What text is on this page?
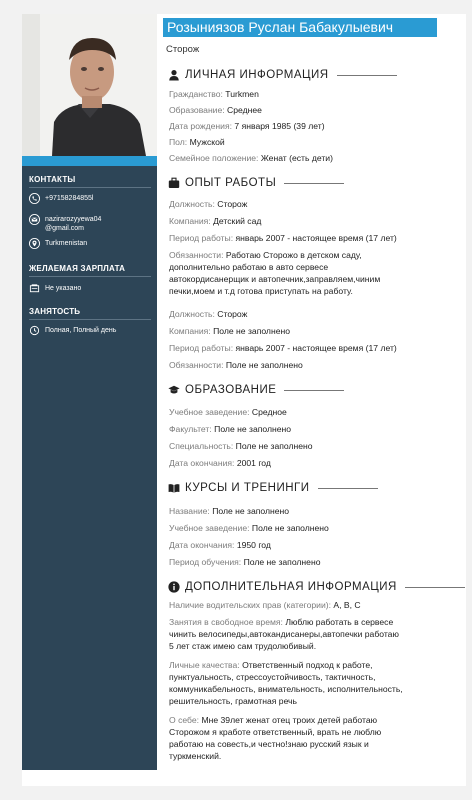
КОНТАКТЫ
+97158284855l
nazirarozyyewa04
@gmail.com
Turkmenistan
ЖЕЛАЕМАЯ ЗАРПЛАТА
Не указано
ЗАНЯТОСТЬ
Полная, Полный день
Розыниязов Руслан Бабакулыевич
Сторож
ЛИЧНАЯ ИНФОРМАЦИЯ
Гражданство: Turkmen
Образование: Среднее
Дата рождения: 7 января 1985 (39 лет)
Пол: Мужской
Семейное положение: Женат (есть дети)
ОПЫТ РАБОТЫ
Должность: Сторож
Компания: Детский сад
Период работы: январь 2007 - настоящее время (17 лет)
Обязанности: Работаю Сторожо в детском саду,
дополнительно работаю в авто сервесе
автокордисанерщик и автопечник,заправляем,чиним
печки,моем и т.д готова приступать на работу.
Должность: Сторож
Компания: Поле не заполнено
Период работы: январь 2007 - настоящее время (17 лет)
Обязанности: Поле не заполнено
ОБРАЗОВАНИЕ
Учебное заведение: Средное
Факультет: Поле не заполнено
Специальность: Поле не заполнено
Дата окончания: 2001 год
КУРСЫ И ТРЕНИНГИ
Название: Поле не заполнено
Учебное заведение: Поле не заполнено
Дата окончания: 1950 год
Период обучения: Поле не заполнено
ДОПОЛНИТЕЛЬНАЯ ИНФОРМАЦИЯ
Наличие водительских прав (категории): A, B, C
Занятия в свободное время: Люблю работать в сервесе
чинить велосипеды,автокандисанеры,автопечки работаю
5 лет стаж имею сам трудолюбивый.
Личные качества: Ответственный подход к работе,
пунктуальность, стрессоустойчивость, тактичность,
коммуникабельность, внимательность, исполнительность,
решительность, грамотная речь
О себе: Мне 39лет женат отец троих детей работаю
Сторожом я крaботе ответственный, врать не люблю
работаю на совесть,и честно!знаю русский язык и
туркменский.
